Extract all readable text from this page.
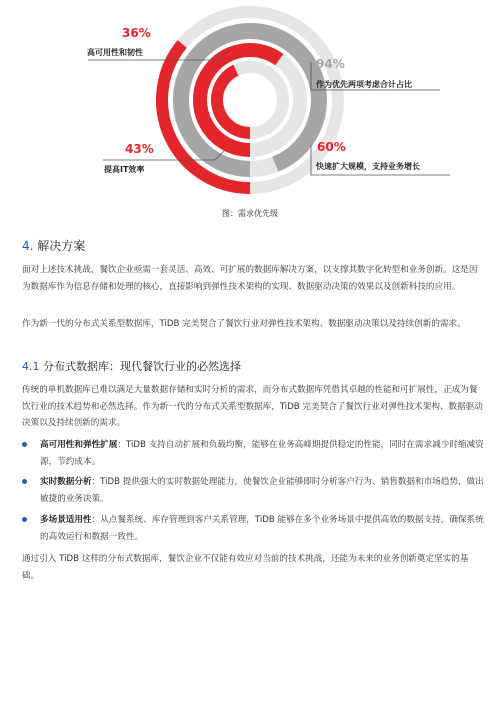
36%
高可用性和韧性
94%
作为优先两项考虑合计占比
60%
快速扩大规模，支持业务增长
43%
提高IT效率
图：需求优先级
4. 解决方案
面对上述技术挑战，餐饮企业亟需一套灵活、高效、可扩展的数据库解决方案，以支撑其数字化转型和业务创新。这是因为数据库作为信息存储和处理的核心，直接影响到弹性技术架构的实现、数据驱动决策的效果以及创新科技的应用。
作为新一代的分布式关系型数据库，TiDB 完美契合了餐饮行业对弹性技术架构、数据驱动决策以及持续创新的需求。
4.1 分布式数据库：现代餐饮行业的必然选择
传统的单机数据库已难以满足大量数据存储和实时分析的需求，而分布式数据库凭借其卓越的性能和可扩展性，正成为餐饮行业的技术趋势和必然选择。作为新一代的分布式关系型数据库，TiDB 完美契合了餐饮行业对弹性技术架构、数据驱动决策以及持续创新的需求。
高可用性和弹性扩展：TiDB 支持自动扩展和负载均衡，能够在业务高峰期提供稳定的性能，同时在需求减少时缩减资源，节约成本。
实时数据分析：TiDB 提供强大的实时数据处理能力，使餐饮企业能够即时分析客户行为、销售数据和市场趋势，做出敏捷的业务决策。
多场景适用性：从点餐系统、库存管理到客户关系管理，TiDB 能够在多个业务场景中提供高效的数据支持，确保系统的高效运行和数据一致性。
通过引入 TiDB 这样的分布式数据库，餐饮企业不仅能有效应对当前的技术挑战，还能为未来的业务创新奠定坚实的基础。
